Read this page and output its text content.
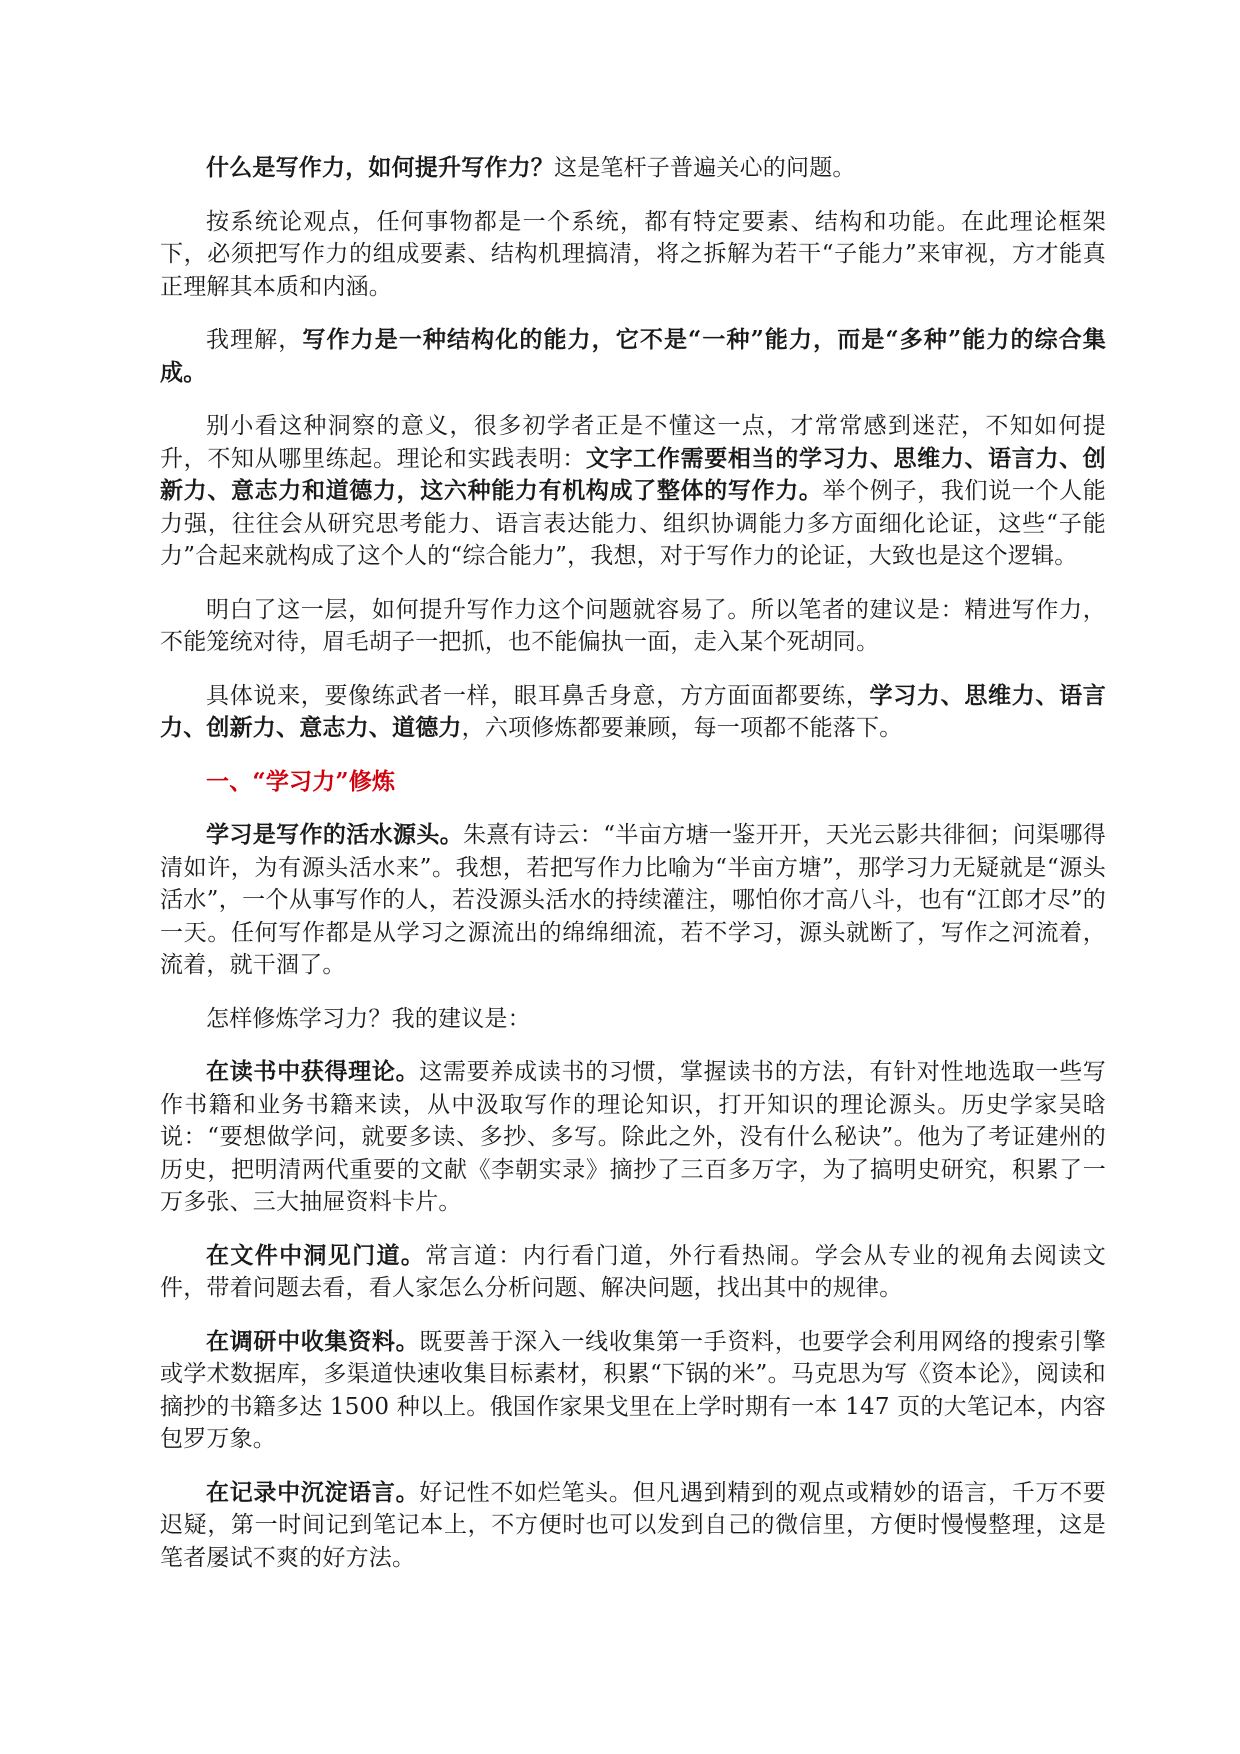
什么是写作力，如何提升写作力？这是笔杆子普遍关心的问题。

按系统论观点，任何事物都是一个系统，都有特定要素、结构和功能。在此理论框架下，必须把写作力的组成要素、结构机理搞清，将之拆解为若干“子能力”来审视，方才能真正理解其本质和内涵。

我理解，写作力是一种结构化的能力，它不是“一种”能力，而是“多种”能力的综合集成。

别小看这种洞察的意义，很多初学者正是不懂这一点，才常常感到迷茫，不知如何提升，不知从哪里练起。理论和实践表明：文字工作需要相当的学习力、思维力、语言力、创新力、意志力和道德力，这六种能力有机构成了整体的写作力。举个例子，我们说一个人能力强，往往会从研究思考能力、语言表达能力、组织协调能力多方面细化论证，这些“子能力”合起来就构成了这个人的“综合能力”，我想，对于写作力的论证，大致也是这个逻辑。

明白了这一层，如何提升写作力这个问题就容易了。所以笔者的建议是：精进写作力，不能笼统对待，眉毛胡子一把抓，也不能偏执一面，走入某个死胡同。

具体说来，要像练武者一样，眼耳鼻舌身意，方方面面都要练，学习力、思维力、语言力、创新力、意志力、道德力，六项修炼都要兼顾，每一项都不能落下。

一、“学习力”修炼

学习是写作的活水源头。朱熹有诗云：“半亩方塘一鉴开开，天光云影共徘徊；问渠哪得清如许，为有源头活水来”。我想，若把写作力比喻为“半亩方塘”，那学习力无疑就是“源头活水”，一个从事写作的人，若没源头活水的持续灌注，哪怕你才高八斗，也有“江郎才尽”的一天。任何写作都是从学习之源流出的绵绵细流，若不学习，源头就断了，写作之河流着，流着，就干涸了。

怎样修炼学习力？我的建议是：

在读书中获得理论。这需要养成读书的习惯，掌握读书的方法，有针对性地选取一些写作书籍和业务书籍来读，从中汲取写作的理论知识，打开知识的理论源头。历史学家吴晗说：“要想做学问，就要多读、多抄、多写。除此之外，没有什么秘诀”。他为了考证建州的历史，把明清两代重要的文献《李朝实录》摘抄了三百多万字，为了搞明史研究，积累了一万多张、三大抽屉资料卡片。

在文件中洞见门道。常言道：内行看门道，外行看热闹。学会从专业的视角去阅读文件，带着问题去看，看人家怎么分析问题、解决问题，找出其中的规律。

在调研中收集资料。既要善于深入一线收集第一手资料，也要学会利用网络的搜索引擎或学术数据库，多渠道快速收集目标素材，积累“下锅的米”。马克思为写《资本论》，阅读和摘抄的书籍多达 1500 种以上。俄国作家果戈里在上学时期有一本 147 页的大笔记本，内容包罗万象。

在记录中沉淀语言。好记性不如烂笔头。但凡遇到精到的观点或精妙的语言，千万不要迟疑，第一时间记到笔记本上，不方便时也可以发到自己的微信里，方便时慢慢整理，这是笔者屡试不爽的好方法。
